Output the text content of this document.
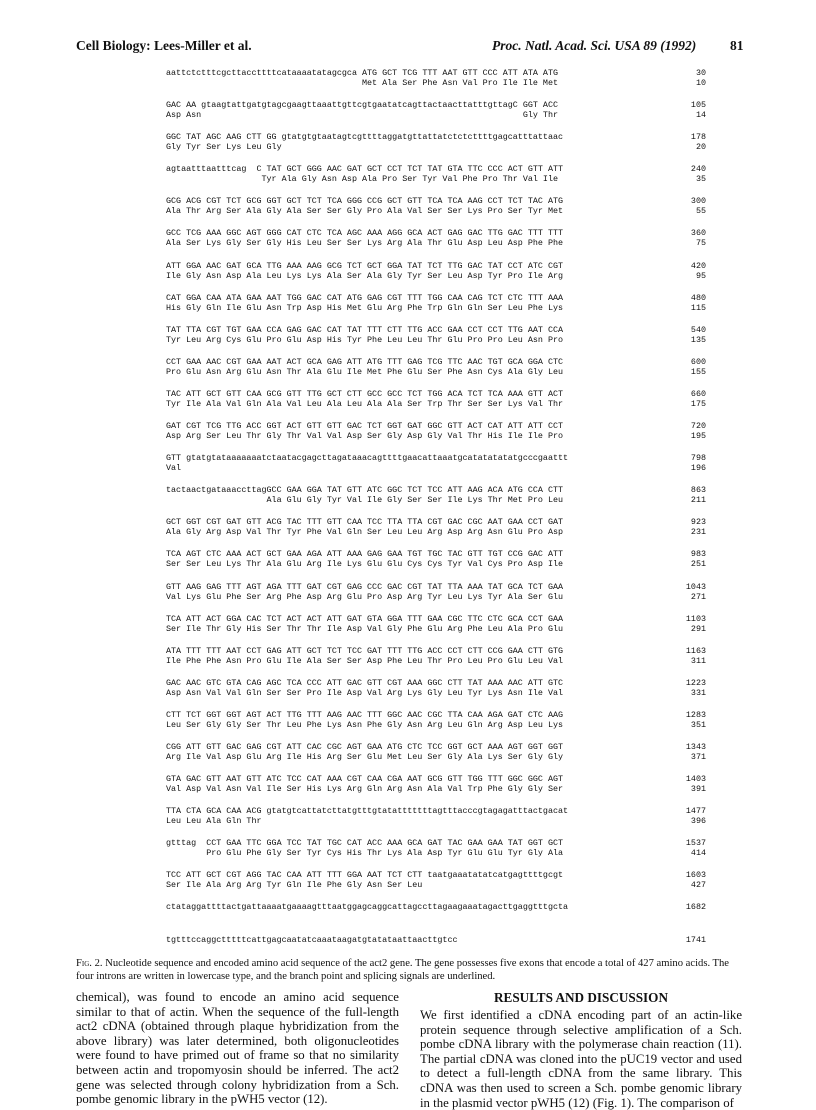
Cell Biology: Lees-Miller et al.	Proc. Natl. Acad. Sci. USA 89 (1992)	81
aattctctttcgcttaccttttcataaaatatagcgca ATG GCT TCG TTT AAT GTT CCC ATT ATA ATG	30
Met Ala Ser Phe Asn Val Pro Ile Ile Met	10
GAC AA gtaagtattgatgtagcgaagttaaattgttcgtgaatatcagttactaacttatttgttagC GGT ACC	105
Asp Asn                                                                Gly Thr	14
GGC TAT AGC AAG CTT GG gtatgtgtaatagtcgttttaggatgttattatctctcttttgagcatttattaac	178
Gly Tyr Ser Lys Leu Gly	20
agtaatttaatttcag  C TAT GCT GGG AAC GAT GCT CCT TCT TAT GTA TTC CCC ACT GTT ATT	240
Tyr Ala Gly Asn Asp Ala Pro Ser Tyr Val Phe Pro Thr Val Ile	35
GCG ACG CGT TCT GCG GGT GCT TCT TCA GGG CCG GCT GTT TCA TCA AAG CCT TCT TAC ATG	300
Ala Thr Arg Ser Ala Gly Ala Ser Ser Gly Pro Ala Val Ser Ser Lys Pro Ser Tyr Met	55
GCC TCG AAA GGC AGT GGG CAT CTC TCA AGC AAA AGG GCA ACT GAG GAC TTG GAC TTT TTT	360
Ala Ser Lys Gly Ser Gly His Leu Ser Ser Lys Arg Ala Thr Glu Asp Leu Asp Phe Phe	75
ATT GGA AAC GAT GCA TTG AAA AAG GCG TCT GCT GGA TAT TCT TTG GAC TAT CCT ATC CGT	420
Ile Gly Asn Asp Ala Leu Lys Lys Ala Ser Ala Gly Tyr Ser Leu Asp Tyr Pro Ile Arg	95
CAT GGA CAA ATA GAA AAT TGG GAC CAT ATG GAG CGT TTT TGG CAA CAG TCT CTC TTT AAA	480
His Gly Gln Ile Glu Asn Trp Asp His Met Glu Arg Phe Trp Gln Gln Ser Leu Phe Lys	115
TAT TTA CGT TGT GAA CCA GAG GAC CAT TAT TTT CTT TTG ACC GAA CCT CCT TTG AAT CCA	540
Tyr Leu Arg Cys Glu Pro Glu Asp His Tyr Phe Leu Leu Thr Glu Pro Pro Leu Asn Pro	135
CCT GAA AAC CGT GAA AAT ACT GCA GAG ATT ATG TTT GAG TCG TTC AAC TGT GCA GGA CTC	600
Pro Glu Asn Arg Glu Asn Thr Ala Glu Ile Met Phe Glu Ser Phe Asn Cys Ala Gly Leu	155
TAC ATT GCT GTT CAA GCG GTT TTG GCT CTT GCC GCC TCT TGG ACA TCT TCA AAA GTT ACT	660
Tyr Ile Ala Val Gln Ala Val Leu Ala Leu Ala Ala Ser Trp Thr Ser Ser Lys Val Thr	175
GAT CGT TCG TTG ACC GGT ACT GTT GTT GAC TCT GGT GAT GGC GTT ACT CAT ATT ATT CCT	720
Asp Arg Ser Leu Thr Gly Thr Val Val Asp Ser Gly Asp Gly Val Thr His Ile Ile Pro	195
GTT gtatgtataaaaaaatctaatacgagcttagataaacagttttgaacattaaatgcatatatatatgcccgaattt	798
Val	196
tactaactgataaaccttagGCC GAA GGA TAT GTT ATC GGC TCT TCC ATT AAG ACA ATG CCA CTT	863
Ala Glu Gly Tyr Val Ile Gly Ser Ser Ile Lys Thr Met Pro Leu	211
GCT GGT CGT GAT GTT ACG TAC TTT GTT CAA TCC TTA TTA CGT GAC CGC AAT GAA CCT GAT	923
Ala Gly Arg Asp Val Thr Tyr Phe Val Gln Ser Leu Leu Arg Asp Arg Asn Glu Pro Asp	231
TCA AGT CTC AAA ACT GCT GAA AGA ATT AAA GAG GAA TGT TGC TAC GTT TGT CCG GAC ATT	983
Ser Ser Leu Lys Thr Ala Glu Arg Ile Lys Glu Glu Cys Cys Tyr Val Cys Pro Asp Ile	251
GTT AAG GAG TTT AGT AGA TTT GAT CGT GAG CCC GAC CGT TAT TTA AAA TAT GCA TCT GAA	1043
Val Lys Glu Phe Ser Arg Phe Asp Arg Glu Pro Asp Arg Tyr Leu Lys Tyr Ala Ser Glu	271
TCA ATT ACT GGA CAC TCT ACT ACT ATT GAT GTA GGA TTT GAA CGC TTC CTC GCA CCT GAA	1103
Ser Ile Thr Gly His Ser Thr Thr Ile Asp Val Gly Phe Glu Arg Phe Leu Ala Pro Glu	291
ATA TTT TTT AAT CCT GAG ATT GCT TCT TCC GAT TTT TTG ACC CCT CTT CCG GAA CTT GTG	1163
Ile Phe Phe Asn Pro Glu Ile Ala Ser Ser Asp Phe Leu Thr Pro Leu Pro Glu Leu Val	311
GAC AAC GTC GTA CAG AGC TCA CCC ATT GAC GTT CGT AAA GGC CTT TAT AAA AAC ATT GTC	1223
Asp Asn Val Val Gln Ser Ser Pro Ile Asp Val Arg Lys Gly Leu Tyr Lys Asn Ile Val	331
CTT TCT GGT GGT AGT ACT TTG TTT AAG AAC TTT GGC AAC CGC TTA CAA AGA GAT CTC AAG	1283
Leu Ser Gly Gly Ser Thr Leu Phe Lys Asn Phe Gly Asn Arg Leu Gln Arg Asp Leu Lys	351
CGG ATT GTT GAC GAG CGT ATT CAC CGC AGT GAA ATG CTC TCC GGT GCT AAA AGT GGT GGT	1343
Arg Ile Val Asp Glu Arg Ile His Arg Ser Glu Met Leu Ser Gly Ala Lys Ser Gly Gly	371
GTA GAC GTT AAT GTT ATC TCC CAT AAA CGT CAA CGA AAT GCG GTT TGG TTT GGC GGC AGT	1403
Val Asp Val Asn Val Ile Ser His Lys Arg Gln Arg Asn Ala Val Trp Phe Gly Gly Ser	391
TTA CTA GCA CAA ACG gtatgtcattatcttatgtttgtatatttttttagtttacccgtagagatttactgacat	1477
Leu Leu Ala Gln Thr	396
gtttag  CCT GAA TTC GGA TCC TAT TGC CAT ACC AAA GCA GAT TAC GAA GAA TAT GGT GCT	1537
Pro Glu Phe Gly Ser Tyr Cys His Thr Lys Ala Asp Tyr Glu Glu Tyr Gly Ala	414
TCC ATT GCT CGT AGG TAC CAA ATT TTT GGA AAT TCT CTT taatgaaatatatcatgagttttgcgt	1603
Ser Ile Ala Arg Arg Tyr Gln Ile Phe Gly Asn Ser Leu	427
ctataggattttactgattaaaatgaaaagtttaatggagcaggcattagccttagaagaaatagacttgaggtttgcta	1682
tgtttccaggctttttcattgagcaatatcaaataagatgtatataattaacttgtcc	1741
Fig. 2. Nucleotide sequence and encoded amino acid sequence of the act2 gene. The gene possesses five exons that encode a total of 427 amino acids. The four introns are written in lowercase type, and the branch point and splicing signals are underlined.
chemical), was found to encode an amino acid sequence similar to that of actin. When the sequence of the full-length act2 cDNA (obtained through plaque hybridization from the above library) was later determined, both oligonucleotides were found to have primed out of frame so that no similarity between actin and tropomyosin should be inferred. The act2 gene was selected through colony hybridization from a Sch. pombe genomic library in the pWH5 vector (12).
RESULTS AND DISCUSSION
We first identified a cDNA encoding part of an actin-like protein sequence through selective amplification of a Sch. pombe cDNA library with the polymerase chain reaction (11). The partial cDNA was cloned into the pUC19 vector and used to detect a full-length cDNA from the same library. This cDNA was then used to screen a Sch. pombe genomic library in the plasmid vector pWH5 (12) (Fig. 1). The comparison of
